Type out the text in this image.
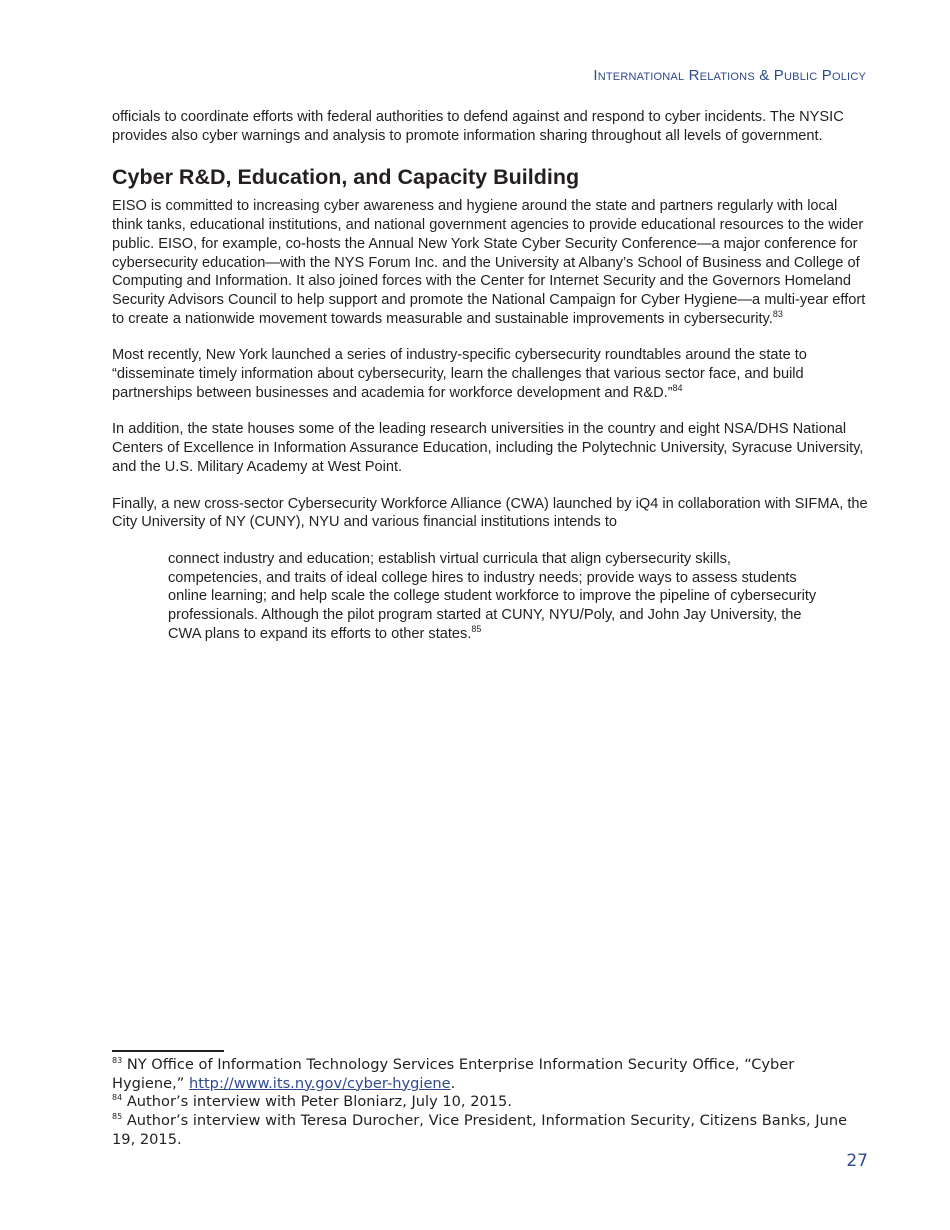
International Relations & Public Policy

officials to coordinate efforts with federal authorities to defend against and respond to cyber incidents. The NYSIC provides also cyber warnings and analysis to promote information sharing throughout all levels of government.

Cyber R&D, Education, and Capacity Building

EISO is committed to increasing cyber awareness and hygiene around the state and partners regularly with local think tanks, educational institutions, and national government agencies to provide educational resources to the wider public. EISO, for example, co-hosts the Annual New York State Cyber Security Conference—a major conference for cybersecurity education—with the NYS Forum Inc. and the University at Albany’s School of Business and College of Computing and Information. It also joined forces with the Center for Internet Security and the Governors Homeland Security Advisors Council to help support and promote the National Campaign for Cyber Hygiene—a multi-year effort to create a nationwide movement towards measurable and sustainable improvements in cybersecurity.$^{83}$

Most recently, New York launched a series of industry-specific cybersecurity roundtables around the state to “disseminate timely information about cybersecurity, learn the challenges that various sector face, and build partnerships between businesses and academia for workforce development and R&D.”$^{84}$

In addition, the state houses some of the leading research universities in the country and eight NSA/DHS National Centers of Excellence in Information Assurance Education, including the Polytechnic University, Syracuse University, and the U.S. Military Academy at West Point.

Finally, a new cross-sector Cybersecurity Workforce Alliance (CWA) launched by iQ4 in collaboration with SIFMA, the City University of NY (CUNY), NYU and various financial institutions intends to

connect industry and education; establish virtual curricula that align cybersecurity skills, competencies, and traits of ideal college hires to industry needs; provide ways to assess students online learning; and help scale the college student workforce to improve the pipeline of cybersecurity professionals. Although the pilot program started at CUNY, NYU/Poly, and John Jay University, the CWA plans to expand its efforts to other states.$^{85}$

$^{83}$ NY Office of Information Technology Services Enterprise Information Security Office, “Cyber Hygiene,” http://www.its.ny.gov/cyber-hygiene.

$^{84}$ Author’s interview with Peter Bloniarz, July 10, 2015.

$^{85}$ Author’s interview with Teresa Durocher, Vice President, Information Security, Citizens Banks, June 19, 2015.

27
